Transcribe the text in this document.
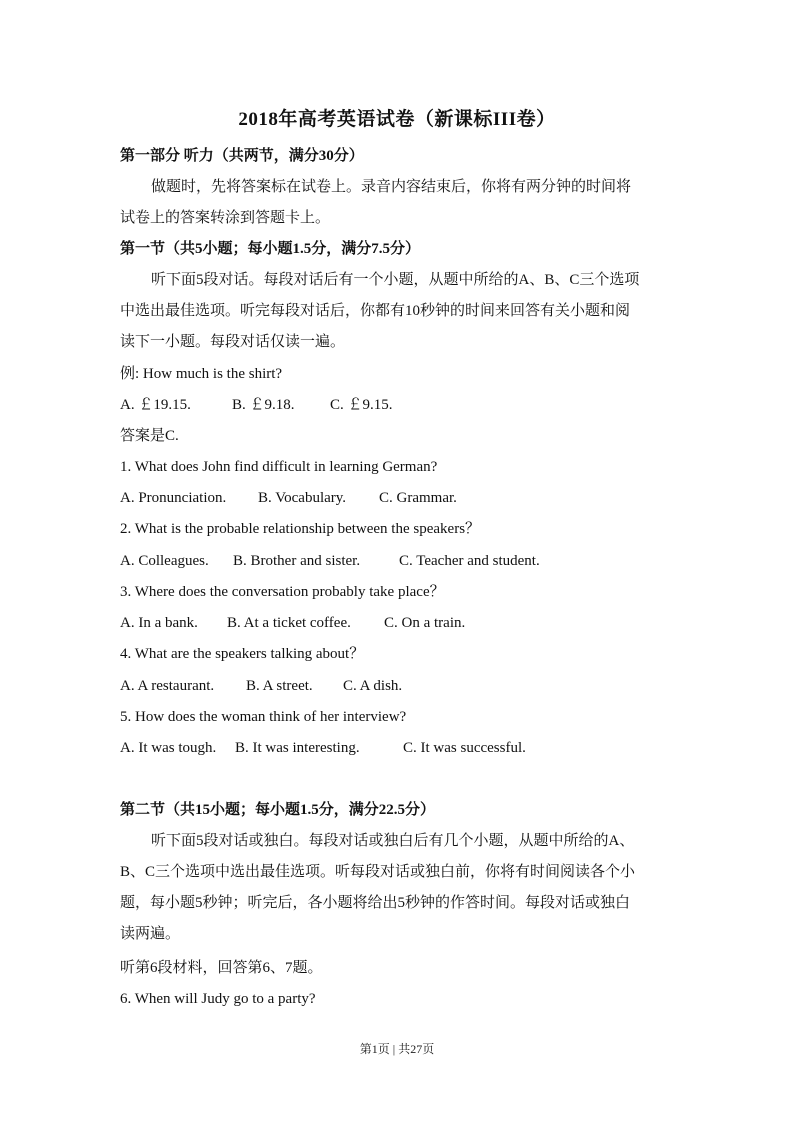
2018年高考英语试卷（新课标III卷）
第一部分 听力（共两节，满分30分）
做题时，先将答案标在试卷上。录音内容结束后，你将有两分钟的时间将
试卷上的答案转涂到答题卡上。
第一节（共5小题；每小题1.5分，满分7.5分）
听下面5段对话。每段对话后有一个小题，从题中所给的A、B、C三个选项
中选出最佳选项。听完每段对话后，你都有10秒钟的时间来回答有关小题和阅
读下一小题。每段对话仅读一遍。
例: How much is the shirt?
A. ￡19.15.	B. ￡9.18. C. ￡9.15.
答案是C.
1. What does John find difficult in learning German?
A. Pronunciation. B. Vocabulary. C. Grammar.
2. What is the probable relationship between the speakers？
A. Colleagues. B. Brother and sister.	C. Teacher and student.
3. Where does the conversation probably take place？
A. In a bank. B. At a ticket coffee. C. On a train.
4. What are the speakers talking about？
A. A restaurant. B. A street. C. A dish.
5. How does the woman think of her interview?
A. It was tough. B. It was interesting.	C. It was successful.
第二节（共15小题；每小题1.5分，满分22.5分）
听下面5段对话或独白。每段对话或独白后有几个小题，从题中所给的A、
B、C三个选项中选出最佳选项。听每段对话或独白前，你将有时间阅读各个小
题，每小题5秒钟；听完后，各小题将给出5秒钟的作答时间。每段对话或独白
读两遍。
听第6段材料，回答第6、7题。
6. When will Judy go to a party?
第1页 | 共27页
